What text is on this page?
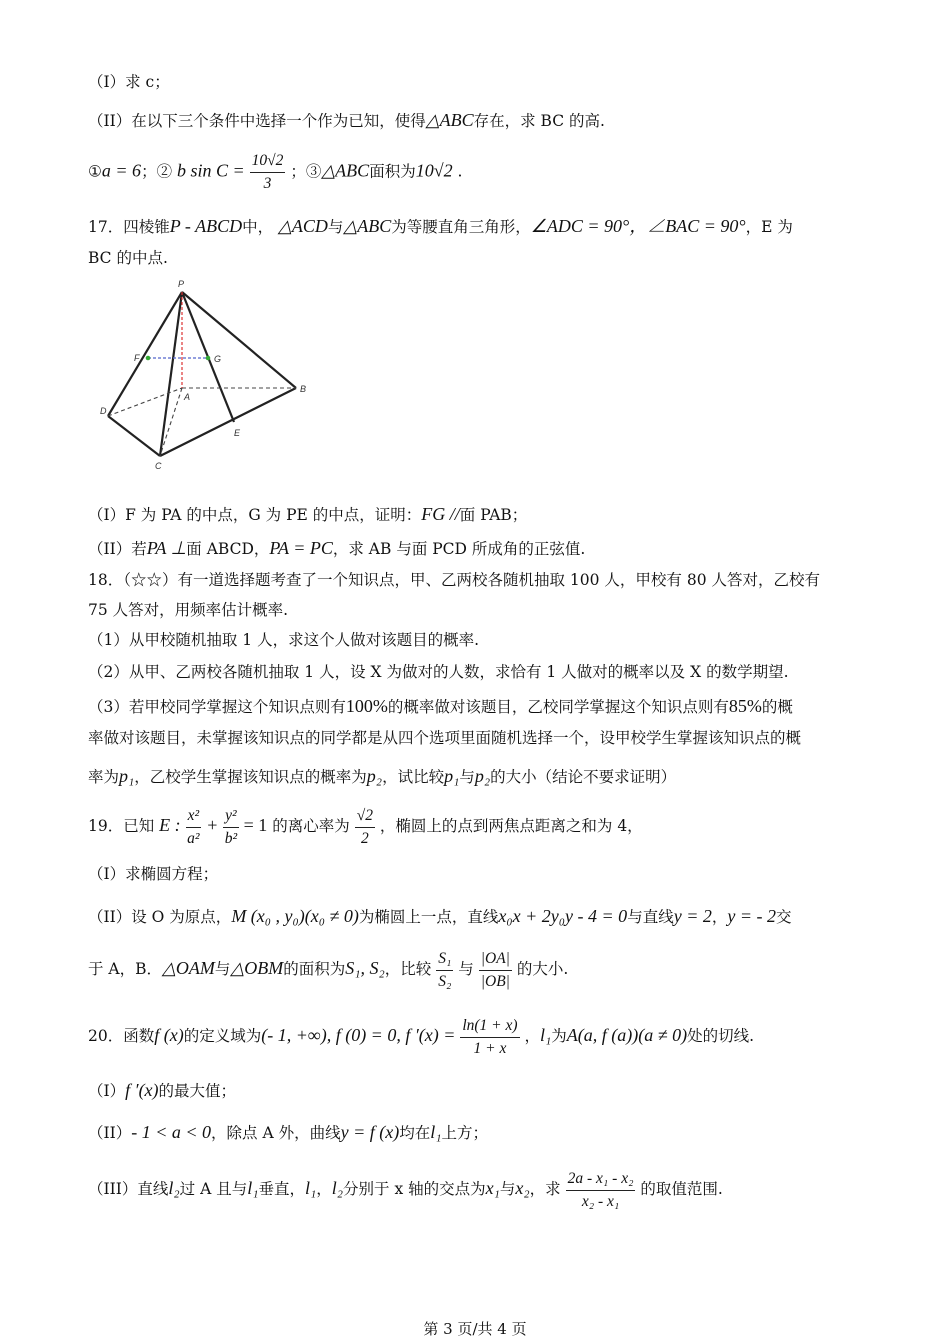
（I）求 c；
（II）在以下三个条件中选择一个作为已知，使得△ABC存在，求 BC 的高.
①a = 6；② b $\sin C = \frac{10√2}{3}$ ；③△ABC面积为10√2 .
17．四棱锥P - ABCD中， △ACD与△ABC为等腰直角三角形，∠ADC = 90°，∠BAC = 90°，E 为
BC 的中点.
P
F	G
A
B
D
E
C
（I）F 为 PA 的中点，G 为 PE 的中点，证明：FG //面 PAB；
（II）若PA ⊥面 ABCD，PA = PC，求 AB 与面 PCD 所成角的正弦值.
18．（☆☆）有一道选择题考查了一个知识点，甲、乙两校各随机抽取 100 人，甲校有 80 人答对，乙校有
75 人答对，用频率估计概率.
（1）从甲校随机抽取 1 人，求这个人做对该题目的概率.
（2）从甲、乙两校各随机抽取 1 人，设 X 为做对的人数，求恰有 1 人做对的概率以及 X 的数学期望.
（3）若甲校同学掌握这个知识点则有100%的概率做对该题目，乙校同学掌握这个知识点则有85%的概
率做对该题目，未掌握该知识点的同学都是从四个选项里面随机选择一个，设甲校学生掌握该知识点的概
率为p₁，乙校学生掌握该知识点的概率为p₂，试比较p₁与p₂的大小（结论不要求证明）
19．已知 E : $\frac{\text{x²}}{\text{a²}} + \frac{\text{y²}}{\text{b²}} = 1$ 的离心率为 $\frac{√2}{2}$ ，椭圆上的点到两焦点距离之和为 4，
（I）求椭圆方程；
（II）设 O 为原点，M (x₀ , y₀)(x₀ ≠ 0)为椭圆上一点，直线x₀x + 2y₀y - 4 = 0与直线y = 2，y = - 2交
于 A，B．△OAM与△OBM的面积为S₁, S₂，比较 $\frac{\text{S₁}}{\text{S₂}}$ 与 $\frac{|OA|}{|OB|}$ 的大小.
20．函数f (x)的定义域为(- 1, +∞), f (0) = 0, f $'(x) = \frac{\ln(1 + x)}{1 + x}$ ，l₁为A(a, f (a))(a ≠ 0)处的切线.
（I）f ′(x)的最大值；
（II）- 1 < a < 0，除点 A 外，曲线y = f (x)均在l₁上方；
（III）直线l₂过 A 且与l₁垂直，l₁，l₂分别于 x 轴的交点为x₁与x₂，求 $\frac{\text{2a - x₁ - x₂}}{\text{x₂ - x₁}}$ 的取值范围.
第 3 页/共 4 页
